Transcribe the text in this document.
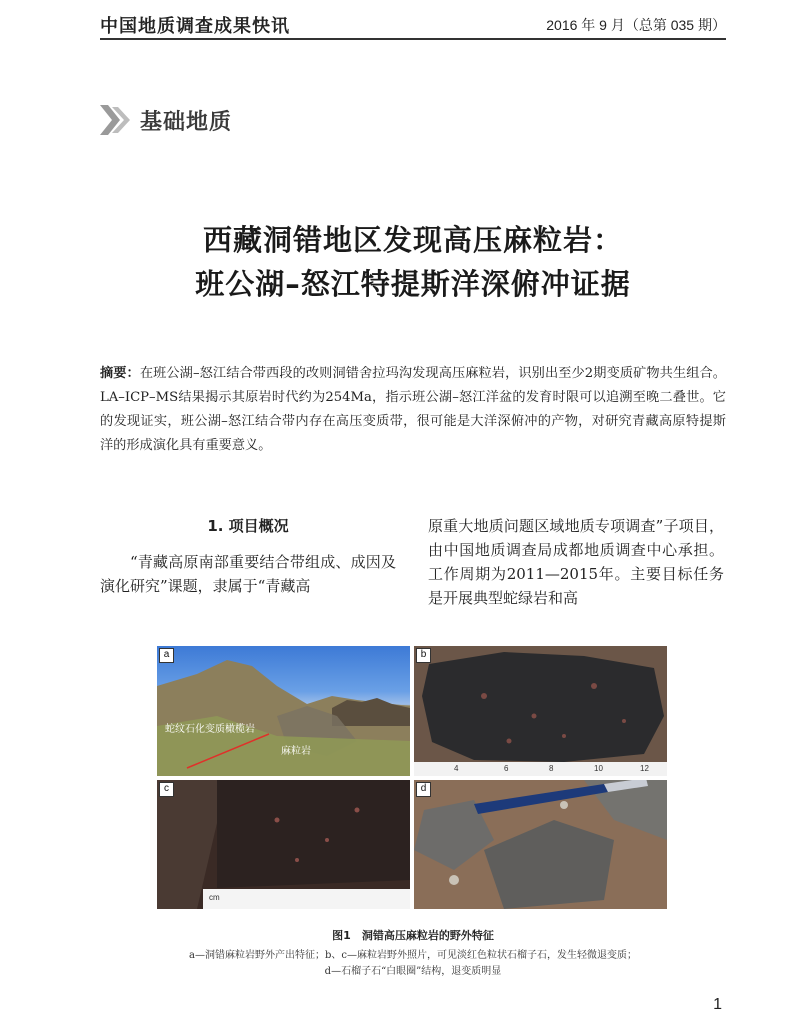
中国地质调查成果快讯	2016 年 9 月（总第 035 期）
基础地质
西藏洞错地区发现高压麻粒岩：
班公湖–怒江特提斯洋深俯冲证据
摘要：在班公湖–怒江结合带西段的改则洞错舍拉玛沟发现高压麻粒岩，识别出至少2期变质矿物共生组合。LA–ICP–MS结果揭示其原岩时代约为254Ma，指示班公湖–怒江洋盆的发育时限可以追溯至晚二叠世。它的发现证实，班公湖–怒江结合带内存在高压变质带，很可能是大洋深俯冲的产物，对研究青藏高原特提斯洋的形成演化具有重要意义。
1. 项目概况

“青藏高原南部重要结合带组成、成因及演化研究”课题，隶属于“青藏高

原重大地质问题区域地质专项调查”子项目，由中国地质调查局成都地质调查中心承担。工作周期为2011—2015年。主要目标任务是开展典型蛇绿岩和高

蛇纹石化变质橄榄岩
麻粒岩
a
4	6	8	10	12
b
cm
c	d
图1　洞错高压麻粒岩的野外特征
a—洞错麻粒岩野外产出特征；b、c—麻粒岩野外照片，可见淡红色粒状石榴子石，发生轻微退变质；
d—石榴子石“白眼圈”结构，退变质明显
1
